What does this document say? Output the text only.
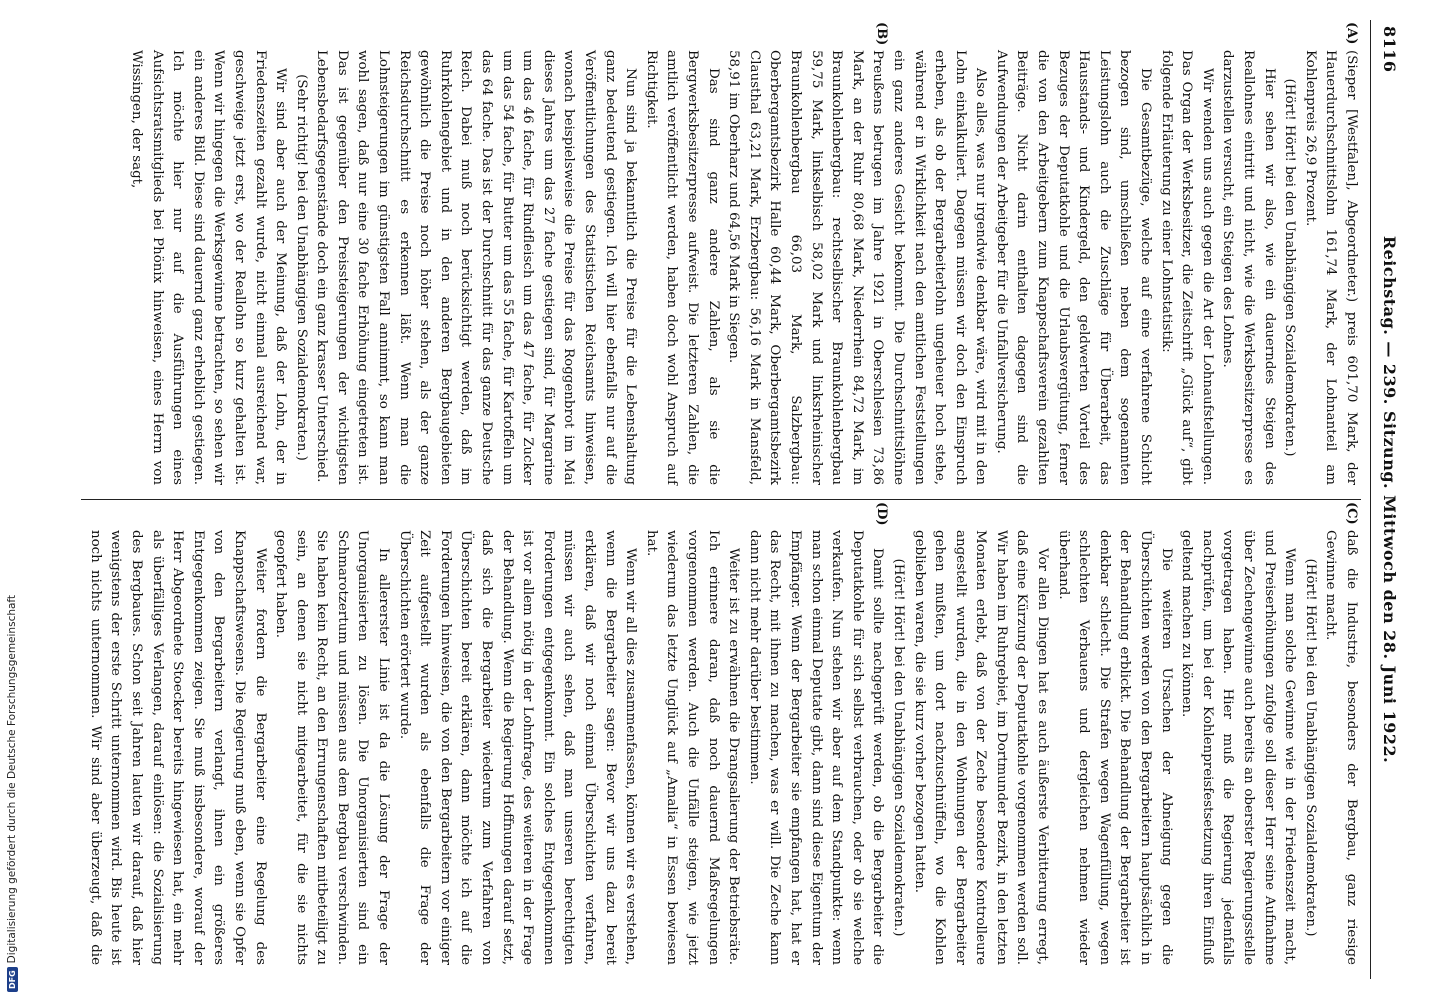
DFG
Digitalisierung gefördert durch die Deutsche Forschungsgemeinschaft
8116
Reichstag. — 239. Sitzung. Mittwoch den 28. Juni 1922.
(A)
(B)

(Sieper [Westfalen], Abgeordneter.) preis 601,70 Mark, der Hauerdurchschnittslohn 161,74 Mark, der Lohnanteil am Kohlenpreis 26,9 Prozent.

(Hört! Hört! bei den Unabhängigen Sozialdemokraten.)

Hier sehen wir also, wie ein dauerndes Steigen des Reallohnes eintritt und nicht, wie die Werksbesitzerpresse es darzustellen versucht, ein Steigen des Lohnes.

Wir wenden uns auch gegen die Art der Lohnaufstellungen. Das Organ der Werksbesitzer, die Zeitschrift „Glück auf“, gibt folgende Erläuterung zu einer Lohnstatistik:

Die Gesamtbezüge, welche auf eine verfahrene Schicht bezogen sind, umschließen neben dem sogenannten Leistungslohn auch die Zuschläge für Überarbeit, das Hausstands- und Kindergeld, den geldwerten Vorteil des Bezuges der Deputatkohle und die Urlaubsvergütung, ferner die von den Arbeitgebern zum Knappschaftsverein gezahlten Beiträge. Nicht darin enthalten dagegen sind die Aufwendungen der Arbeitgeber für die Unfallversicherung.

Also alles, was nur irgendwie denkbar wäre, wird mit in den Lohn einkalkuliert. Dagegen müssen wir doch den Einspruch erheben, als ob der Bergarbeiterlohn ungeheuer hoch stehe, während er in Wirklichkeit nach den amtlichen Feststellungen ein ganz anderes Gesicht bekommt. Die Durchschnittslöhne Preußens betrugen im Jahre 1921 in Oberschlesien 73,86 Mark, an der Ruhr 80,68 Mark, Niederrhein 84,72 Mark, im Braunkohlenbergbau: rechtselbischer Braunkohlenbergbau 59,75 Mark, linkselbisch 58,02 Mark und linksrheinischer Braunkohlenbergbau 66,03 Mark, Salzbergbau: Oberbergamtsbezirk Halle 60,44 Mark, Oberbergamtsbezirk Clausthal 63,21 Mark, Erzbergbau: 56,16 Mark in Mansfeld, 58,91 im Oberharz und 64,56 Mark in Siegen.

Das sind ganz andere Zahlen, als sie die Bergwerksbesitzerpresse aufweist. Die letzteren Zahlen, die amtlich veröffentlicht werden, haben doch wohl Anspruch auf Richtigkeit.

Nun sind ja bekanntlich die Preise für die Lebenshaltung ganz bedeutend gestiegen. Ich will hier ebenfalls nur auf die Veröffentlichungen des Statistischen Reichsamts hinweisen, wonach beispielsweise die Preise für das Roggenbrot im Mai dieses Jahres um das 27 fache gestiegen sind, für Margarine um das 46 fache, für Rindfleisch um das 47 fache, für Zucker um das 54 fache, für Butter um das 55 fache, für Kartoffeln um das 64 fache. Das ist der Durchschnitt für das ganze Deutsche Reich. Dabei muß noch berücksichtigt werden, daß im Ruhrkohlengebiet und in den anderen Bergbaugebieten gewöhnlich die Preise noch höher stehen, als der ganze Reichsdurchschnitt es erkennen läßt. Wenn man die Lohnsteigerungen im günstigsten Fall annimmt, so kann man wohl sagen, daß nur eine 30 fache Erhöhung eingetreten ist. Das ist gegenüber den Preissteigerungen der wichtigsten Lebensbedarfsgegenstände doch ein ganz krasser Unterschied.

(Sehr richtig! bei den Unabhängigen Sozialdemokraten.)

Wir sind aber auch der Meinung, daß der Lohn, der in Friedenszeiten gezahlt wurde, nicht einmal ausreichend war, geschweige jetzt erst, wo der Reallohn so kurz gehalten ist. Wenn wir hingegen die Werksgewinne betrachten, so sehen wir ein anderes Bild. Diese sind dauernd ganz erheblich gestiegen. Ich möchte hier nur auf die Ausführungen eines Aufsichtsratsmitglieds bei Phönix hinweisen, eines Herrn von Wissingen, der sagt,

(C)
(D)

daß die Industrie, besonders der Bergbau, ganz riesige Gewinne macht.

(Hört! Hört! bei den Unabhängigen Sozialdemokraten.)

Wenn man solche Gewinne wie in der Friedenszeit macht, und Preiserhöhungen zufolge soll dieser Herr seine Aufnahme über Zechengewinne auch bereits an oberster Regierungsstelle vorgetragen haben. Hier muß die Regierung jedenfalls nachprüfen, um bei der Kohlenpreisfestsetzung ihren Einfluß geltend machen zu können.

Die weiteren Ursachen der Abneigung gegen die Überschichten werden von den Bergarbeitern hauptsächlich in der Behandlung erblickt. Die Behandlung der Bergarbeiter ist denkbar schlecht. Die Strafen wegen Wagenfüllung, wegen schlechten Verbauens und dergleichen nehmen wieder überhand.

Vor allen Dingen hat es auch äußerste Verbitterung erregt, daß eine Kürzung der Deputatkohle vorgenommen werden soll. Wir haben im Ruhrgebiet, im Dortmunder Bezirk, in den letzten Monaten erlebt, daß von der Zeche besondere Kontrolleure angestellt wurden, die in den Wohnungen der Bergarbeiter gehen mußten, um dort nachzuschnüffeln, wo die Kohlen geblieben waren, die sie kurz vorher bezogen hatten.

(Hört! Hört! bei den Unabhängigen Sozialdemokraten.)

Damit sollte nachgeprüft werden, ob die Bergarbeiter die Deputatkohle für sich selbst verbrauchen, oder ob sie welche verkaufen. Nun stehen wir aber auf dem Standpunkte: wenn man schon einmal Deputate gibt, dann sind diese Eigentum der Empfänger. Wenn der Bergarbeiter sie empfangen hat, hat er das Recht, mit ihnen zu machen, was er will. Die Zeche kann dann nicht mehr darüber bestimmen.

Weiter ist zu erwähnen die Drangsalierung der Betriebsräte. Ich erinnere daran, daß noch dauernd Maßregelungen vorgenommen werden. Auch die Unfälle steigen, wie jetzt wiederum das letzte Unglück auf „Amalia“ in Essen bewiesen hat.

Wenn wir all dies zusammenfassen, können wir es verstehen, wenn die Bergarbeiter sagen: Bevor wir uns dazu bereit erklären, daß wir noch einmal Überschichten verfahren, müssen wir auch sehen, daß man unseren berechtigten Forderungen entgegenkommt. Ein solches Entgegenkommen ist vor allem nötig in der Lohnfrage, des weiteren in der Frage der Behandlung. Wenn die Regierung Hoffnungen darauf setzt, daß sich die Bergarbeiter wiederum zum Verfahren von Überschichten bereit erklären, dann möchte ich auf die Forderungen hinweisen, die von den Bergarbeitern vor einiger Zeit aufgestellt wurden als ebenfalls die Frage der Überschichten erörtert wurde.

In allererster Linie ist da die Lösung der Frage der Unorganisierten zu lösen. Die Unorganisierten sind ein Schmarotzertum und müssen aus dem Bergbau verschwinden. Sie haben kein Recht, an den Errungenschaften mitbeteiligt zu sein, an denen sie nicht mitgearbeitet, für die sie nichts geopfert haben.

Weiter fordern die Bergarbeiter eine Regelung des Knappschaftswesens. Die Regierung muß eben, wenn sie Opfer von den Bergarbeitern verlangt, ihnen ein größeres Entgegenkommen zeigen. Sie muß insbesondere, worauf der Herr Abgeordnete Stoecker bereits hingewiesen hat, ein mehr als überfälliges Verlangen, darauf einlösen: die Sozialisierung des Bergbaues. Schon seit Jahren lauten wir darauf, daß hier wenigstens der erste Schritt unternommen wird. Bis heute ist noch nichts unternommen. Wir sind aber überzeugt, daß die
